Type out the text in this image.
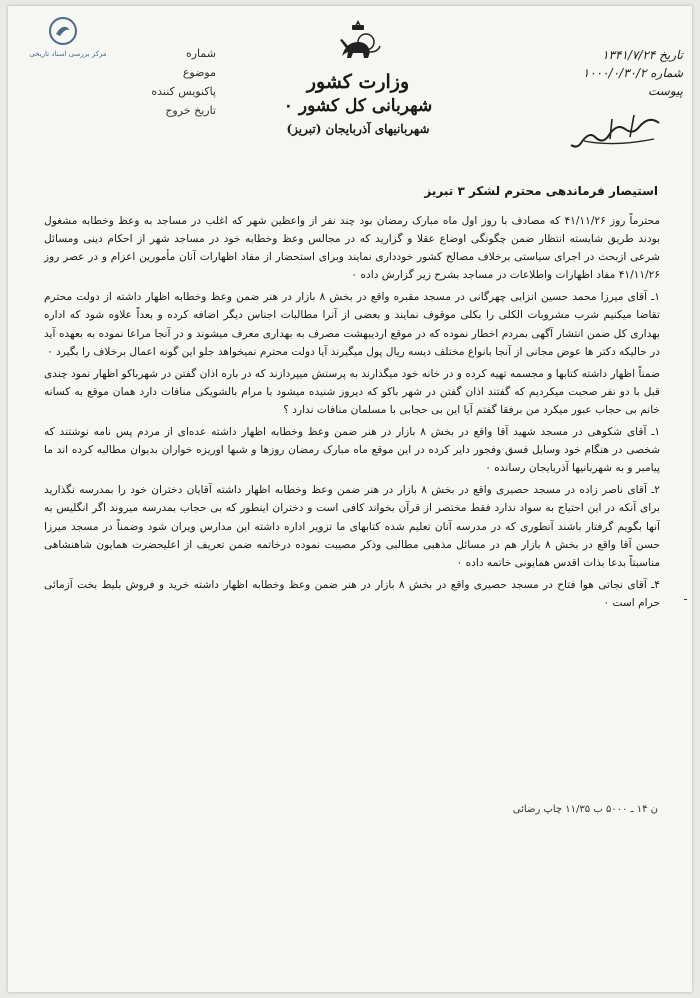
مرکز بررسی اسناد تاریخی	شماره
موضوع
پاکنویس کننده
تاریخ خروج
وزارت کشور
شهربانی کل کشور ۰
شهربانیهای آذربایجان (تبریز)
تاریخ ۱۳۴۱/۷/۲۴
شماره ۱۰۰۰/۰/۳۰/۲
پیوست
استیصار فرماندهی محترم لشکر ۳ تبریز

محترماً روز ۴۱/۱۱/۲۶ که مصادف با روز اول ماه مبارک رمضان بود چند نفر از واعظین شهر که اغلب در مساجد به وعظ وخطابه مشغول بودند طریق شایسته انتظار ضمن چگونگی اوضاع عقلا و گزارید که در مجالس وعظ وخطابه خود در مساجد شهر از احکام دینی ومسائل شرعی ازبحث در اجرای سیاستی برخلاف مصالح کشور خودداری نمایند وبرای استحضار از مفاد اظهارات آنان مأمورین اعزام و در عصر روز ۴۱/۱۱/۲۶ مفاد اظهارات واطلاعات در مساجد بشرح زیر گزارش داده ۰

۱ـ آقای میرزا محمد حسین انزابی چهرگانی در مسجد مقبره واقع در بخش ۸ بازار در هنر ضمن وعظ وخطابه اظهار داشته از دولت محترم تقاضا میکنیم شرب مشروبات الکلی را بکلی موقوف نمایند و بعضی از آنرا مطالبات اجناس دیگر اضافه کرده و بعداً علاوه شود که اداره بهداری کل ضمن انتشار آگهی بمردم اخطار نموده که در موقع اردیبهشت مصرف به بهداری معرف میشوند و در آنجا مراعا نموده به بعهده آید در حالیکه دکتر ها عوض مجانی از آنجا بانواع مختلف دیسه ریال پول میگیرند آیا دولت محترم نمیخواهد جلو این گونه اعمال برخلاف را بگیرد ۰

ضمناً اظهار داشته کتابها و مجسمه تهیه کرده و در خانه خود میگذارند به پرستش میپردازند که در باره اذان گفتن در شهرباکو اظهار نمود چندی قبل با دو نفر صحبت میکردیم که گفتند اذان گفتن در شهر باکو که دیروز شنیده میشود با مرام بالشویکی منافات دارد همان موقع به کسانه خانم بی حجاب عبور میکرد من برفقا گفتم آیا این بی حجابی با مسلمان منافات ندارد ؟

۱ـ آقای شکوهی در مسجد شهید آقا واقع در بخش ۸ بازار در هنر ضمن وعظ وخطابه اظهار داشته عده‌ای از مردم پس نامه نوشتند که شخصی در هنگام خود وسایل فسق وفجور دایر کرده در این موقع ماه مبارک رمضان روزها و شبها اوریزه خواران بدیوان مطالبه کرده اند ما پیامبر و به شهربانیها آذربایجان رسانده ۰

۲ـ آقای ناصر زاده در مسجد حصیری واقع در بخش ۸ بازار در هنر ضمن وعظ وخطابه اظهار داشته آقایان دختران خود را بمدرسه نگذارید برای آنکه در این احتیاج به سواد ندارد فقط مختصر از قرآن بخواند کافی است و دختران اینطور که بی حجاب بمدرسه میروند اگر انگلیس به آنها بگویم گرفتار باشند آنطوری که در مدرسه آنان تعلیم شده کتابهای ما تزویر اداره داشته این مدارس ویران شود وضمناً در مسجد میرزا حسن آقا واقع در بخش ۸ بازار هم در مسائل مذهبی مطالبی وذکر مصیبت نموده درخاتمه ضمن تعریف از اعلیحضرت همایون شاهنشاهی مناسبتاً بدعا بذات اقدس همایونی خاتمه داده ۰

۴ـ آقای نجاتی هوا فتاح در مسجد حصیری واقع در بخش ۸ بازار در هنر ضمن وعظ وخطابه اظهار داشته خرید و فروش بلیط بخت آزمائی حرام است ۰ ـ
ن ۱۴ ـ ۵۰۰۰ ب ۱۱/۳۵ چاپ رضائی
